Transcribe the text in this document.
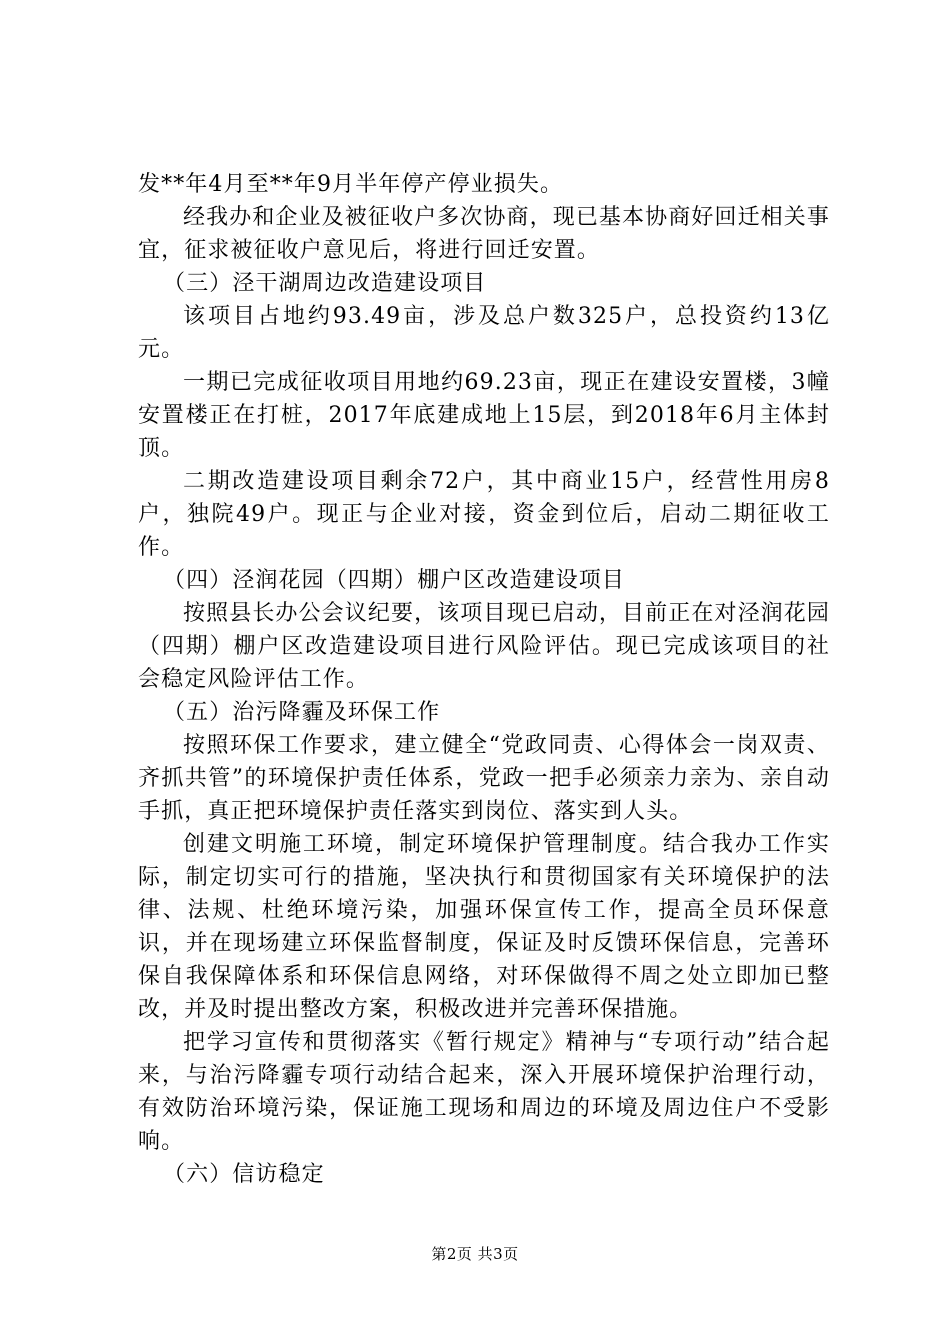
发**年4月至**年9月半年停产停业损失。

经我办和企业及被征收户多次协商，现已基本协商好回迁相关事宜，征求被征收户意见后，将进行回迁安置。

（三）泾干湖周边改造建设项目

该项目占地约93.49亩，涉及总户数325户，总投资约13亿元。

一期已完成征收项目用地约69.23亩，现正在建设安置楼，3幢安置楼正在打桩，2017年底建成地上15层，到2018年6月主体封顶。

二期改造建设项目剩余72户，其中商业15户，经营性用房8户，独院49户。现正与企业对接，资金到位后，启动二期征收工作。

（四）泾润花园（四期）棚户区改造建设项目

按照县长办公会议纪要，该项目现已启动，目前正在对泾润花园（四期）棚户区改造建设项目进行风险评估。现已完成该项目的社会稳定风险评估工作。

（五）治污降霾及环保工作

按照环保工作要求，建立健全“党政同责、心得体会一岗双责、齐抓共管”的环境保护责任体系，党政一把手必须亲力亲为、亲自动手抓，真正把环境保护责任落实到岗位、落实到人头。

创建文明施工环境，制定环境保护管理制度。结合我办工作实际，制定切实可行的措施，坚决执行和贯彻国家有关环境保护的法律、法规、杜绝环境污染，加强环保宣传工作，提高全员环保意识，并在现场建立环保监督制度，保证及时反馈环保信息，完善环保自我保障体系和环保信息网络，对环保做得不周之处立即加已整改，并及时提出整改方案，积极改进并完善环保措施。

把学习宣传和贯彻落实《暂行规定》精神与“专项行动”结合起来，与治污降霾专项行动结合起来，深入开展环境保护治理行动，有效防治环境污染，保证施工现场和周边的环境及周边住户不受影响。

（六）信访稳定

第2页 共3页
